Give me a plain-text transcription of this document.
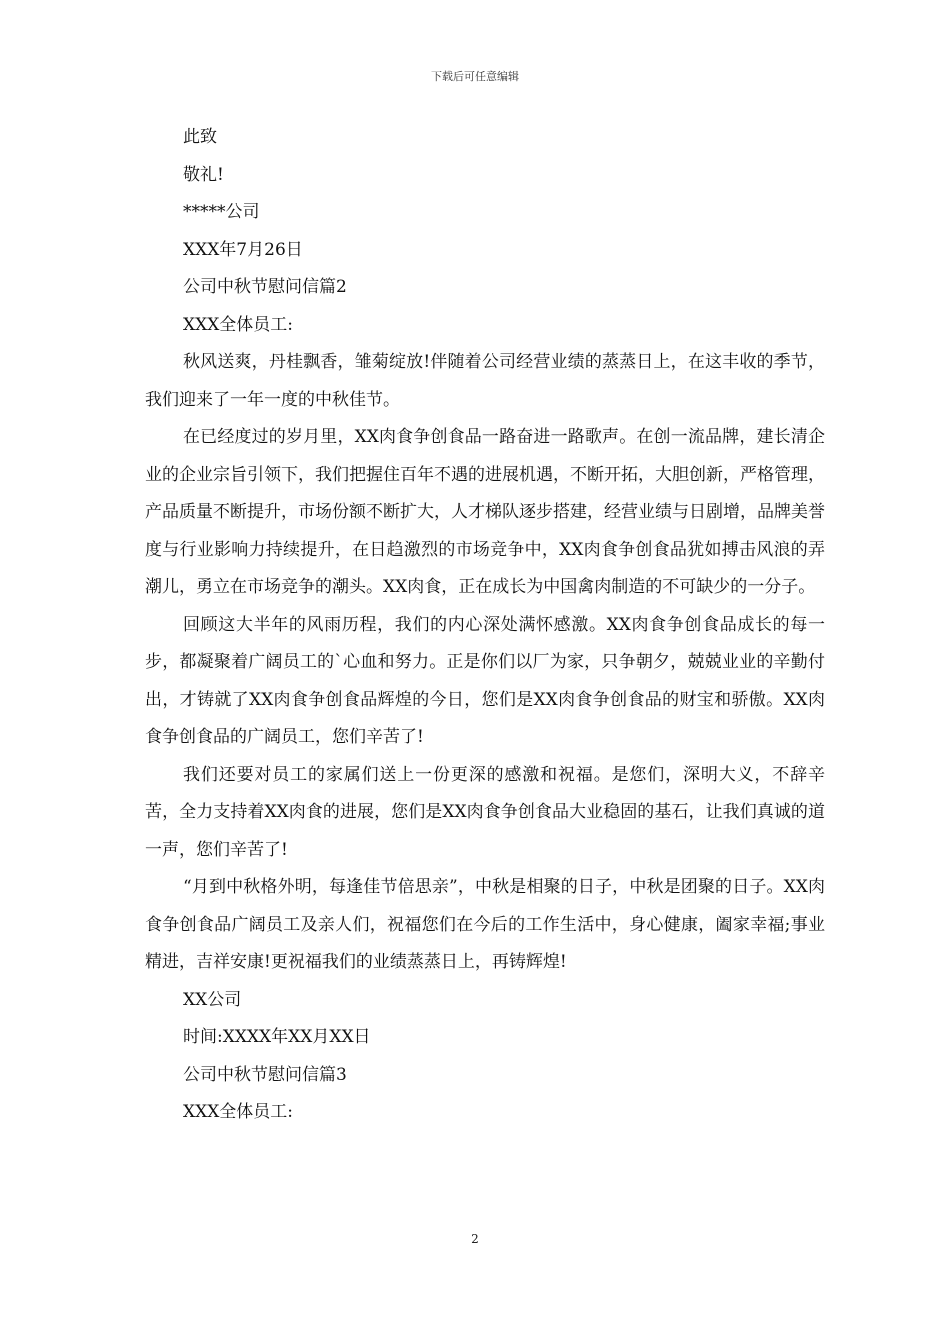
下载后可任意编辑

此致

敬礼!

*****公司

XXX年7月26日

公司中秋节慰问信篇2

XXX全体员工:

秋风送爽，丹桂飘香，雏菊绽放!伴随着公司经营业绩的蒸蒸日上，在这丰收的季节，我们迎来了一年一度的中秋佳节。

在已经度过的岁月里，XX肉食争创食品一路奋进一路歌声。在创一流品牌，建长清企业的企业宗旨引领下，我们把握住百年不遇的进展机遇，不断开拓，大胆创新，严格管理，产品质量不断提升，市场份额不断扩大，人才梯队逐步搭建，经营业绩与日剧增，品牌美誉度与行业影响力持续提升，在日趋激烈的市场竞争中，XX肉食争创食品犹如搏击风浪的弄潮儿，勇立在市场竞争的潮头。XX肉食，正在成长为中国禽肉制造的不可缺少的一分子。

回顾这大半年的风雨历程，我们的内心深处满怀感激。XX肉食争创食品成长的每一步，都凝聚着广阔员工的`心血和努力。正是你们以厂为家，只争朝夕，兢兢业业的辛勤付出，才铸就了XX肉食争创食品辉煌的今日，您们是XX肉食争创食品的财宝和骄傲。XX肉食争创食品的广阔员工，您们辛苦了!

我们还要对员工的家属们送上一份更深的感激和祝福。是您们，深明大义，不辞辛苦，全力支持着XX肉食的进展，您们是XX肉食争创食品大业稳固的基石，让我们真诚的道一声，您们辛苦了!

“月到中秋格外明，每逢佳节倍思亲”，中秋是相聚的日子，中秋是团聚的日子。XX肉食争创食品广阔员工及亲人们，祝福您们在今后的工作生活中，身心健康，阖家幸福;事业精进，吉祥安康!更祝福我们的业绩蒸蒸日上，再铸辉煌!

XX公司

时间:XXXX年XX月XX日

公司中秋节慰问信篇3

XXX全体员工:

2
